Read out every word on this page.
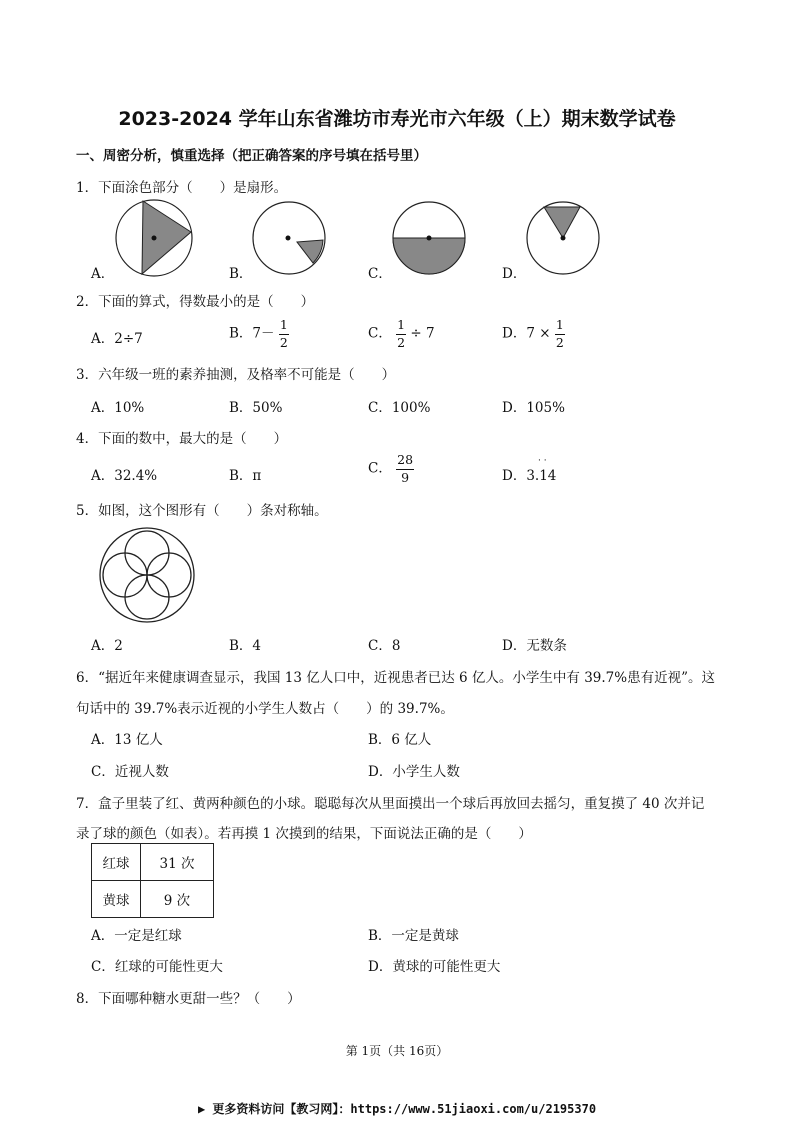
2023-2024 学年山东省潍坊市寿光市六年级（上）期末数学试卷
一、周密分析，慎重选择（把正确答案的序号填在括号里）
1．下面涂色部分（　　）是扇形。
A．	B．	C．	D．
2．下面的算式，得数最小的是（　　）
A．2÷7	B．$7- \frac{1}{2}$	C． $\frac{1}{2} \div 7$	D．$7 \times \frac{1}{2}$
3．六年级一班的素养抽测，及格率不可能是（　　）
A．10%	B．50%	C．100%	D．105%
4．下面的数中，最大的是（　　）
A．32.4%	B．π	C． $\frac{28}{9}$	D．3.14
· ·
5．如图，这个图形有（　　）条对称轴。
A．2	B．4	C．8	D．无数条
6．“据近年来健康调查显示，我国 13 亿人口中，近视患者已达 6 亿人。小学生中有 39.7%患有近视”。这
句话中的 39.7%表示近视的小学生人数占（　　）的 39.7%。
A．13 亿人	B．6 亿人
C．近视人数	D．小学生人数
7．盒子里装了红、黄两种颜色的小球。聪聪每次从里面摸出一个球后再放回去摇匀，重复摸了 40 次并记
录了球的颜色（如表）。若再摸 1 次摸到的结果，下面说法正确的是（　　）
红球	31 次
黄球	9 次
A．一定是红球	B．一定是黄球
C．红球的可能性更大	D．黄球的可能性更大
8．下面哪种糖水更甜一些？（　　）
第 1页（共 16页）
▶ 更多资料访问【教习网】：https://www.51jiaoxi.com/u/2195370
